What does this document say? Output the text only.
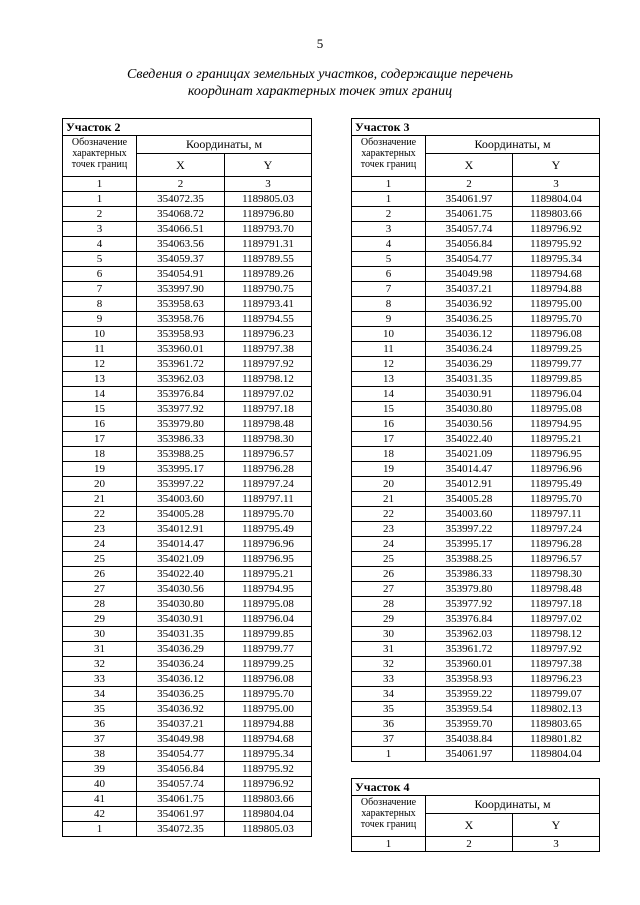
5
Сведения о границах земельных участков, содержащие перечень
координат характерных точек этих границ
Участок 2		
Обозначение характерных точек границ	Координаты, м	
	X	Y
1	2	3
1	354072.35	1189805.03
2	354068.72	1189796.80
3	354066.51	1189793.70
4	354063.56	1189791.31
5	354059.37	1189789.55
6	354054.91	1189789.26
7	353997.90	1189790.75
8	353958.63	1189793.41
9	353958.76	1189794.55
10	353958.93	1189796.23
11	353960.01	1189797.38
12	353961.72	1189797.92
13	353962.03	1189798.12
14	353976.84	1189797.02
15	353977.92	1189797.18
16	353979.80	1189798.48
17	353986.33	1189798.30
18	353988.25	1189796.57
19	353995.17	1189796.28
20	353997.22	1189797.24
21	354003.60	1189797.11
22	354005.28	1189795.70
23	354012.91	1189795.49
24	354014.47	1189796.96
25	354021.09	1189796.95
26	354022.40	1189795.21
27	354030.56	1189794.95
28	354030.80	1189795.08
29	354030.91	1189796.04
30	354031.35	1189799.85
31	354036.29	1189799.77
32	354036.24	1189799.25
33	354036.12	1189796.08
34	354036.25	1189795.70
35	354036.92	1189795.00
36	354037.21	1189794.88
37	354049.98	1189794.68
38	354054.77	1189795.34
39	354056.84	1189795.92
40	354057.74	1189796.92
41	354061.75	1189803.66
42	354061.97	1189804.04
1	354072.35	1189805.03
Участок 3		
Обозначение характерных точек границ	Координаты, м	
	X	Y
1	2	3
1	354061.97	1189804.04
2	354061.75	1189803.66
3	354057.74	1189796.92
4	354056.84	1189795.92
5	354054.77	1189795.34
6	354049.98	1189794.68
7	354037.21	1189794.88
8	354036.92	1189795.00
9	354036.25	1189795.70
10	354036.12	1189796.08
11	354036.24	1189799.25
12	354036.29	1189799.77
13	354031.35	1189799.85
14	354030.91	1189796.04
15	354030.80	1189795.08
16	354030.56	1189794.95
17	354022.40	1189795.21
18	354021.09	1189796.95
19	354014.47	1189796.96
20	354012.91	1189795.49
21	354005.28	1189795.70
22	354003.60	1189797.11
23	353997.22	1189797.24
24	353995.17	1189796.28
25	353988.25	1189796.57
26	353986.33	1189798.30
27	353979.80	1189798.48
28	353977.92	1189797.18
29	353976.84	1189797.02
30	353962.03	1189798.12
31	353961.72	1189797.92
32	353960.01	1189797.38
33	353958.93	1189796.23
34	353959.22	1189799.07
35	353959.54	1189802.13
36	353959.70	1189803.65
37	354038.84	1189801.82
1	354061.97	1189804.04
Участок 4		
Обозначение характерных точек границ	Координаты, м	
	X	Y
1	2	3
